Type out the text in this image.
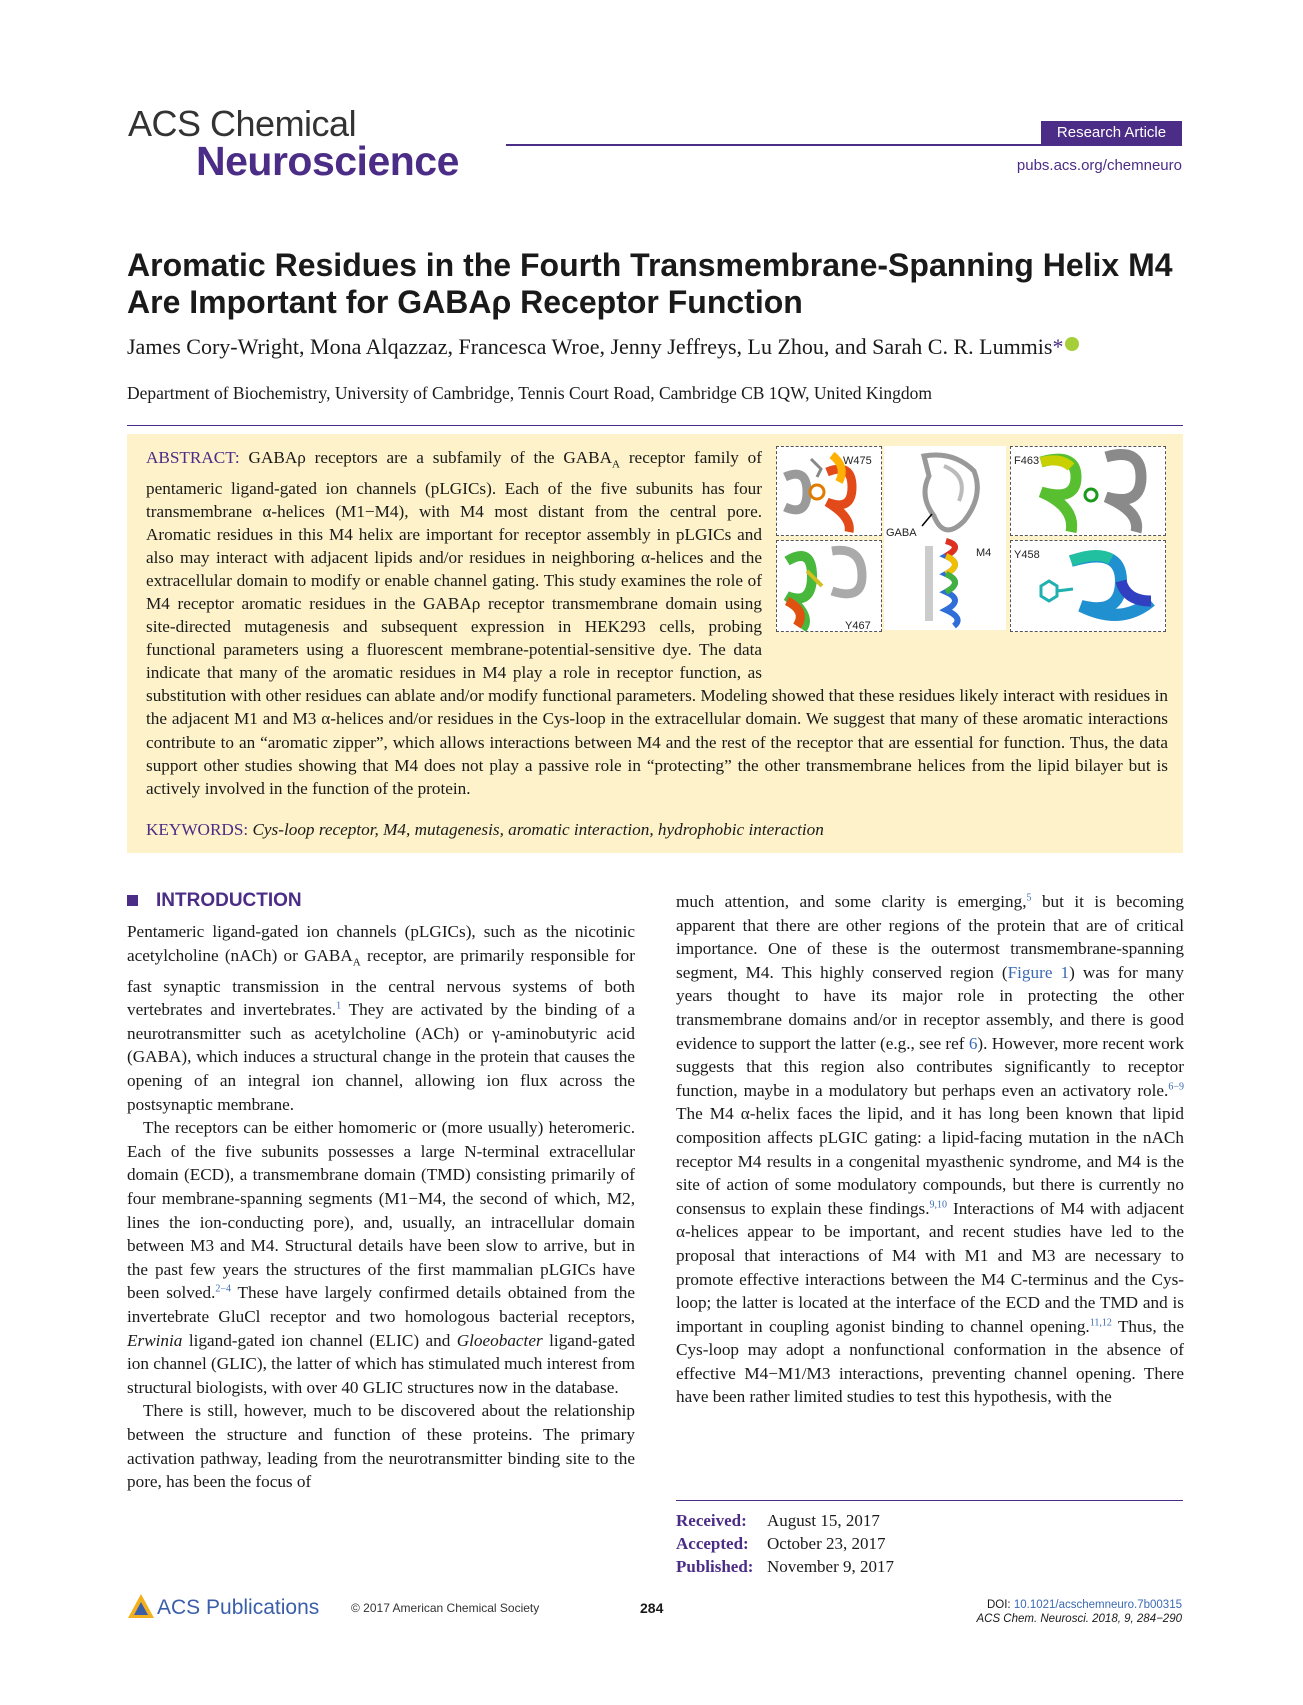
ACS Chemical
Neuroscience
Research Article
pubs.acs.org/chemneuro
Aromatic Residues in the Fourth Transmembrane-Spanning Helix M4 Are Important for GABAρ Receptor Function
James Cory-Wright, Mona Alqazzaz, Francesca Wroe, Jenny Jeffreys, Lu Zhou, and Sarah C. R. Lummis*
Department of Biochemistry, University of Cambridge, Tennis Court Road, Cambridge CB 1QW, United Kingdom
W475
Y467
GABA
M4
F463
Y458
ABSTRACT: GABAρ receptors are a subfamily of the $GABA_A$ receptor family of pentameric ligand-gated ion channels (pLGICs). Each of the five subunits has four transmembrane α-helices (M1−M4), with M4 most distant from the central pore. Aromatic residues in this M4 helix are important for receptor assembly in pLGICs and also may interact with adjacent lipids and/or residues in neighboring α-helices and the extracellular domain to modify or enable channel gating. This study examines the role of M4 receptor aromatic residues in the GABAρ receptor transmembrane domain using site-directed mutagenesis and subsequent expression in HEK293 cells, probing functional parameters using a fluorescent membrane-potential-sensitive dye. The data indicate that many of the aromatic residues in M4 play a role in receptor function, as substitution with other residues can ablate and/or modify functional parameters. Modeling showed that these residues likely interact with residues in the adjacent M1 and M3 α-helices and/or residues in the Cys-loop in the extracellular domain. We suggest that many of these aromatic interactions contribute to an “aromatic zipper”, which allows interactions between M4 and the rest of the receptor that are essential for function. Thus, the data support other studies showing that M4 does not play a passive role in “protecting” the other transmembrane helices from the lipid bilayer but is actively involved in the function of the protein.
KEYWORDS: Cys-loop receptor, M4, mutagenesis, aromatic interaction, hydrophobic interaction
INTRODUCTION

Pentameric ligand-gated ion channels (pLGICs), such as the nicotinic acetylcholine (nACh) or $GABA_A$ receptor, are primarily responsible for fast synaptic transmission in the central nervous systems of both vertebrates and invertebrates.$^1$ They are activated by the binding of a neurotransmitter such as acetylcholine (ACh) or γ-aminobutyric acid (GABA), which induces a structural change in the protein that causes the opening of an integral ion channel, allowing ion flux across the postsynaptic membrane.

The receptors can be either homomeric or (more usually) heteromeric. Each of the five subunits possesses a large N-terminal extracellular domain (ECD), a transmembrane domain (TMD) consisting primarily of four membrane-spanning segments (M1−M4, the second of which, M2, lines the ion-conducting pore), and, usually, an intracellular domain between M3 and M4. Structural details have been slow to arrive, but in the past few years the structures of the first mammalian pLGICs have been solved.$^{2-4}$ These have largely confirmed details obtained from the invertebrate GluCl receptor and two homologous bacterial receptors, Erwinia ligand-gated ion channel (ELIC) and Gloeobacter ligand-gated ion channel (GLIC), the latter of which has stimulated much interest from structural biologists, with over 40 GLIC structures now in the database.

There is still, however, much to be discovered about the relationship between the structure and function of these proteins. The primary activation pathway, leading from the neurotransmitter binding site to the pore, has been the focus of

much attention, and some clarity is emerging,$^5$ but it is becoming apparent that there are other regions of the protein that are of critical importance. One of these is the outermost transmembrane-spanning segment, M4. This highly conserved region (Figure 1) was for many years thought to have its major role in protecting the other transmembrane domains and/or in receptor assembly, and there is good evidence to support the latter (e.g., see ref 6). However, more recent work suggests that this region also contributes significantly to receptor function, maybe in a modulatory but perhaps even an activatory role.$^{6-9}$ The M4 α-helix faces the lipid, and it has long been known that lipid composition affects pLGIC gating: a lipid-facing mutation in the nACh receptor M4 results in a congenital myasthenic syndrome, and M4 is the site of action of some modulatory compounds, but there is currently no consensus to explain these findings.$^{9,10}$ Interactions of M4 with adjacent α-helices appear to be important, and recent studies have led to the proposal that interactions of M4 with M1 and M3 are necessary to promote effective interactions between the M4 C-terminus and the Cys-loop; the latter is located at the interface of the ECD and the TMD and is important in coupling agonist binding to channel opening.$^{11,12}$ Thus, the Cys-loop may adopt a nonfunctional conformation in the absence of effective M4−M1/M3 interactions, preventing channel opening. There have been rather limited studies to test this hypothesis, with the

Received: August 15, 2017
Accepted: October 23, 2017
Published: November 9, 2017
ACS Publications	© 2017 American Chemical Society	284	DOI: 10.1021/acschemneuro.7b00315
ACS Chem. Neurosci. 2018, 9, 284−290
